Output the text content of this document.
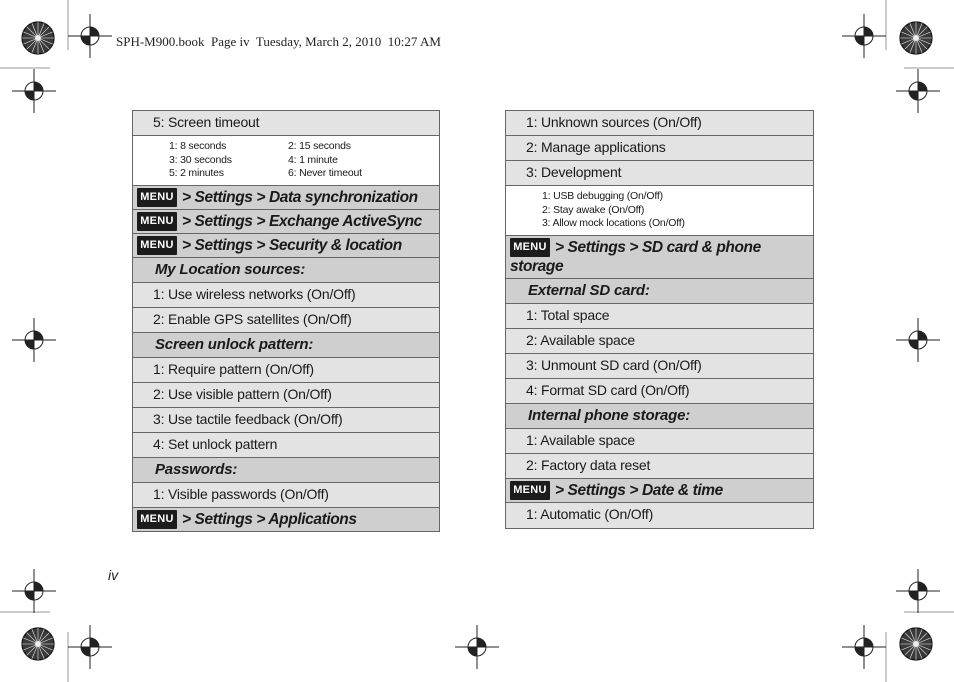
SPH-M900.book  Page iv  Tuesday, March 2, 2010  10:27 AM
iv
5: Screen timeout
1: 8 seconds	2: 15 seconds
3: 30 seconds	4: 1 minute
5: 2 minutes	6: Never timeout
MENU > Settings > Data synchronization
MENU > Settings > Exchange ActiveSync
MENU > Settings > Security & location
My Location sources:
1: Use wireless networks (On/Off)
2: Enable GPS satellites (On/Off)
Screen unlock pattern:
1: Require pattern (On/Off)
2: Use visible pattern (On/Off)
3: Use tactile feedback (On/Off)
4: Set unlock pattern
Passwords:
1: Visible passwords (On/Off)
MENU > Settings > Applications
1: Unknown sources (On/Off)
2: Manage applications
3: Development
1: USB debugging (On/Off)
2: Stay awake (On/Off)
3: Allow mock locations (On/Off)
MENU > Settings > SD card & phone storage
External SD card:
1: Total space
2: Available space
3: Unmount SD card (On/Off)
4: Format SD card (On/Off)
Internal phone storage:
1: Available space
2: Factory data reset
MENU > Settings > Date & time
1: Automatic (On/Off)
